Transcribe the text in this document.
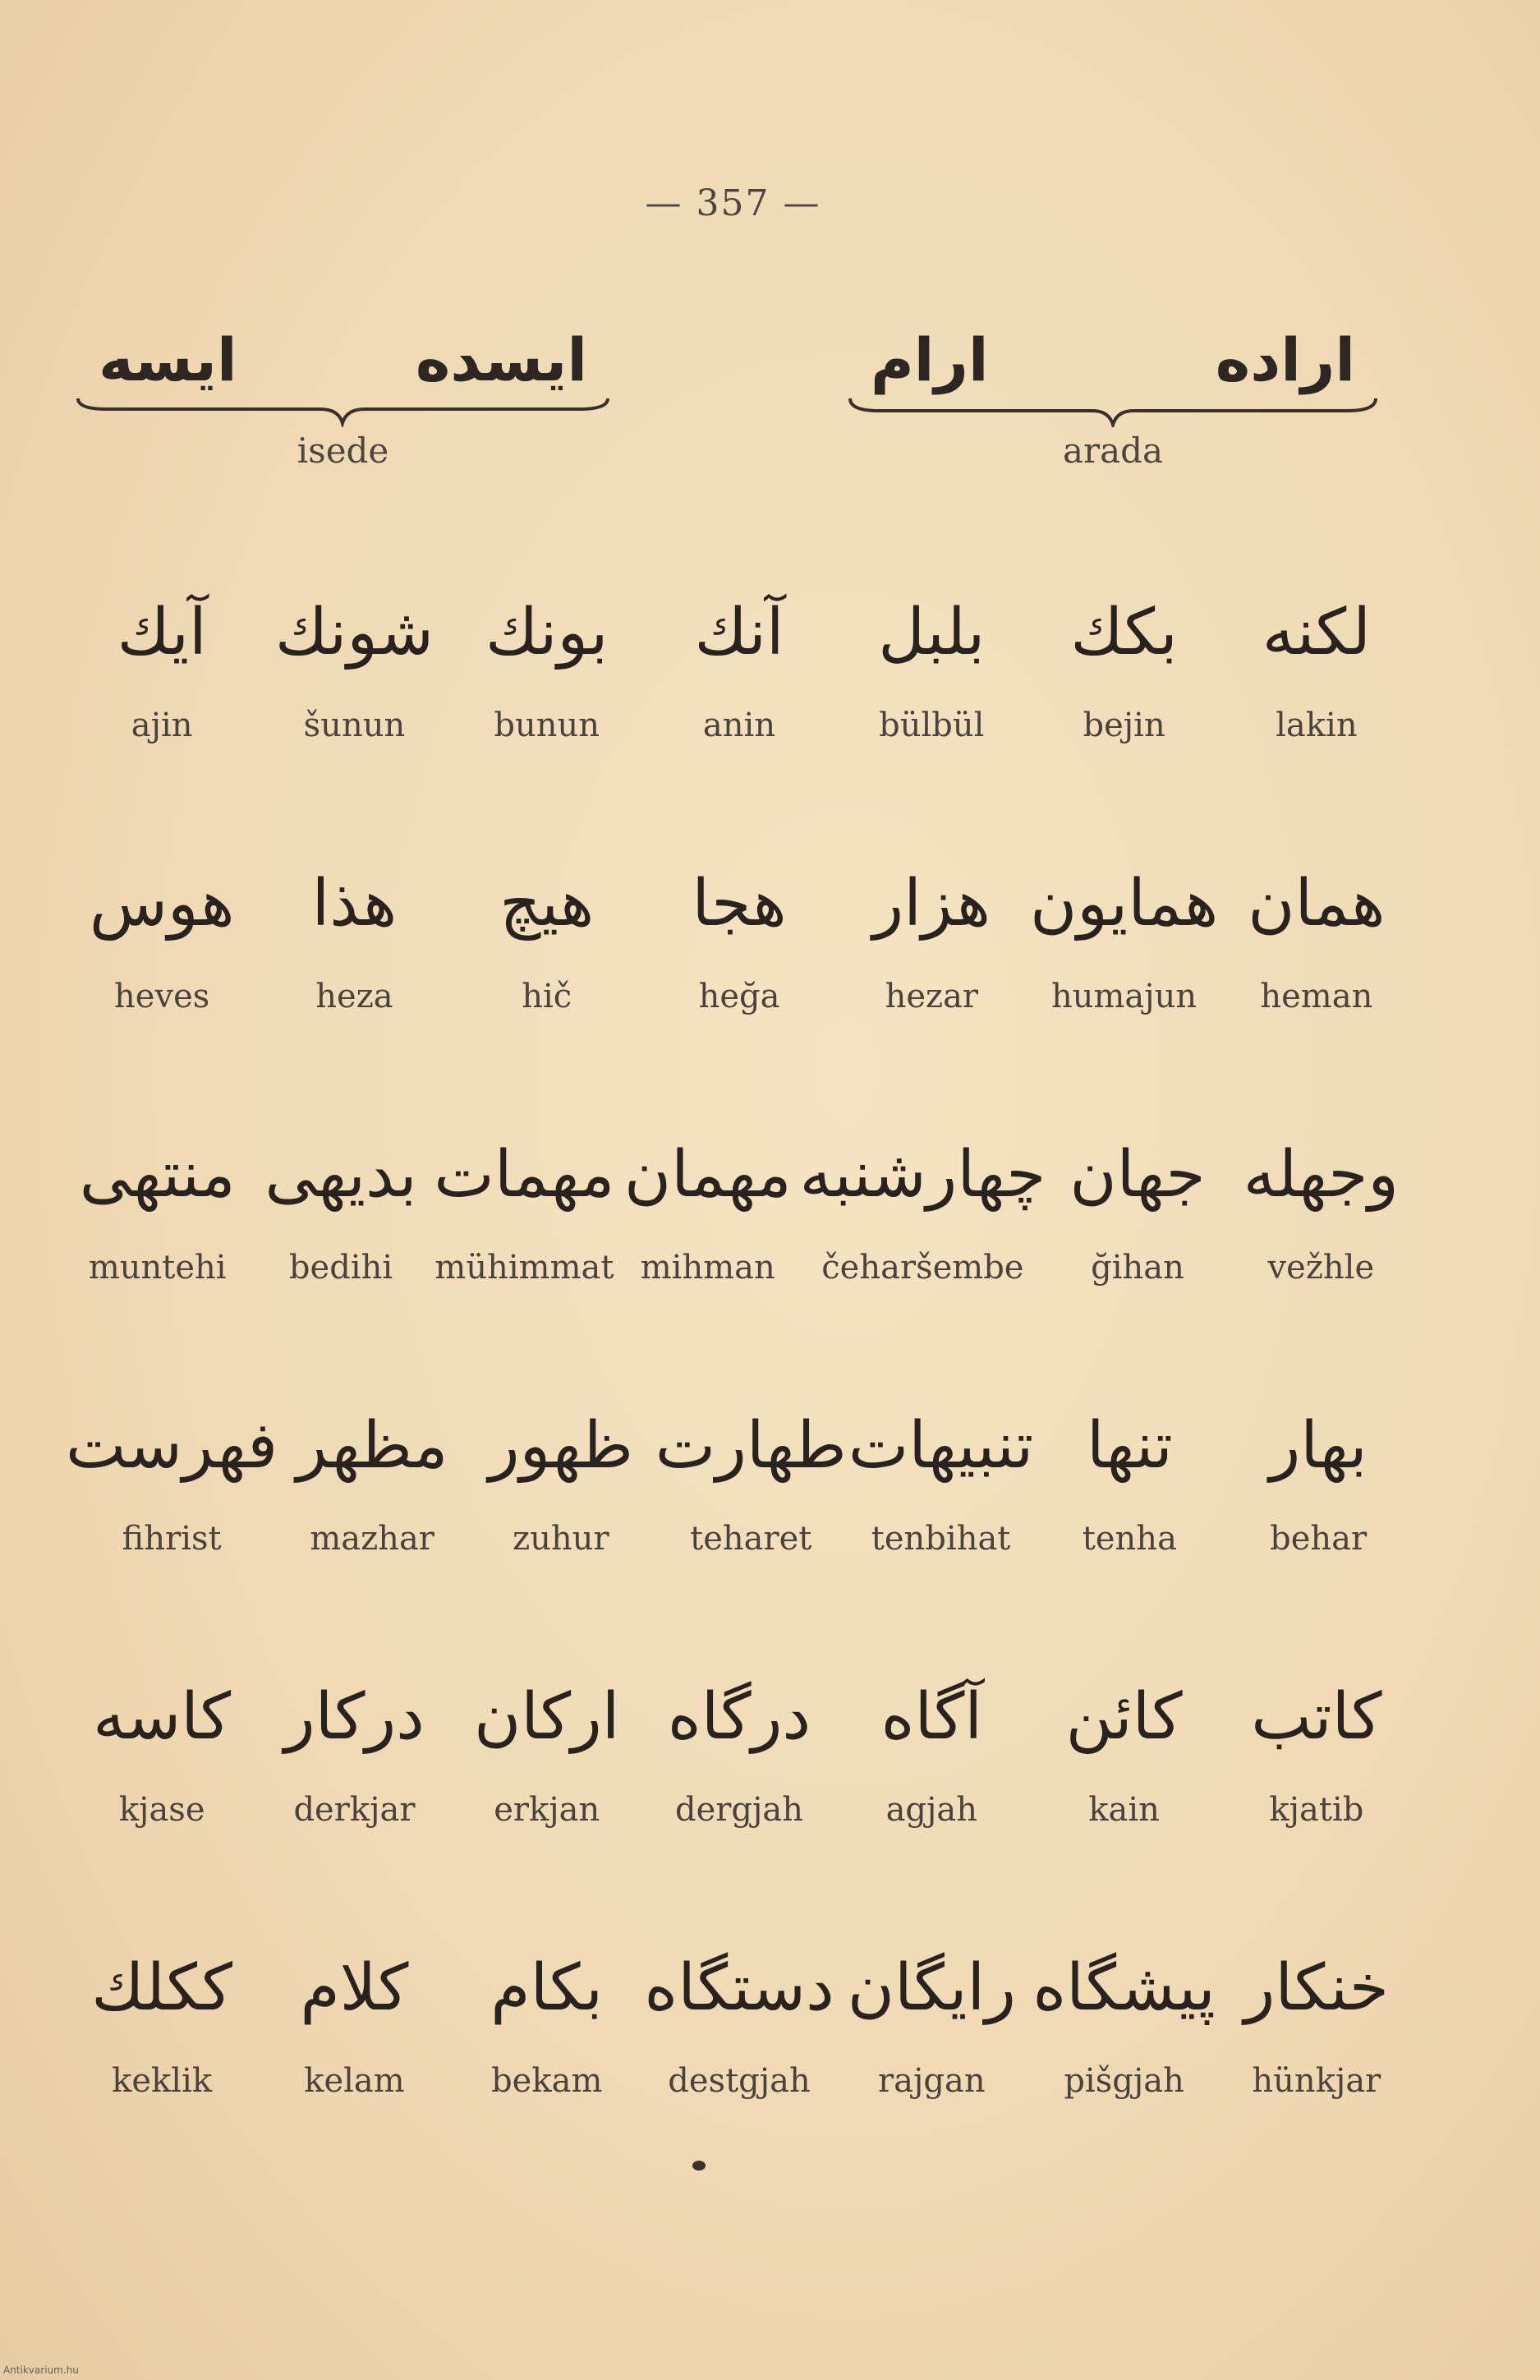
— 357 —
ایسده
ایسه
isede
اراده
ارام
arada
لکنه
lakin
بکك
bejin
بلبل
bülbül
آنك
anin
بونك
bunun
شونك
šunun
آیك
ajin
همان
heman
همایون
humajun
هزار
hezar
هجا
heğa
هیچ
hič
هذا
heza
هوس
heves
وجهله
vežhle
جهان
ğihan
چهارشنبه
čeharšembe
مهمان
mihman
مهمات
mühimmat
بدیهی
bedihi
منتهی
muntehi
بهار
behar
تنها
tenha
تنبیهات
tenbihat
طهارت
teharet
ظهور
zuhur
مظهر
mazhar
فهرست
fihrist
کاتب
kjatib
کائن
kain
آگاه
agjah
درگاه
dergjah
ارکان
erkjan
درکار
derkjar
کاسه
kjase
خنکار
hünkjar
پیشگاه
pišgjah
رایگان
rajgan
دستگاه
destgjah
بکام
bekam
کلام
kelam
ککلك
keklik
Antikvarium.hu
